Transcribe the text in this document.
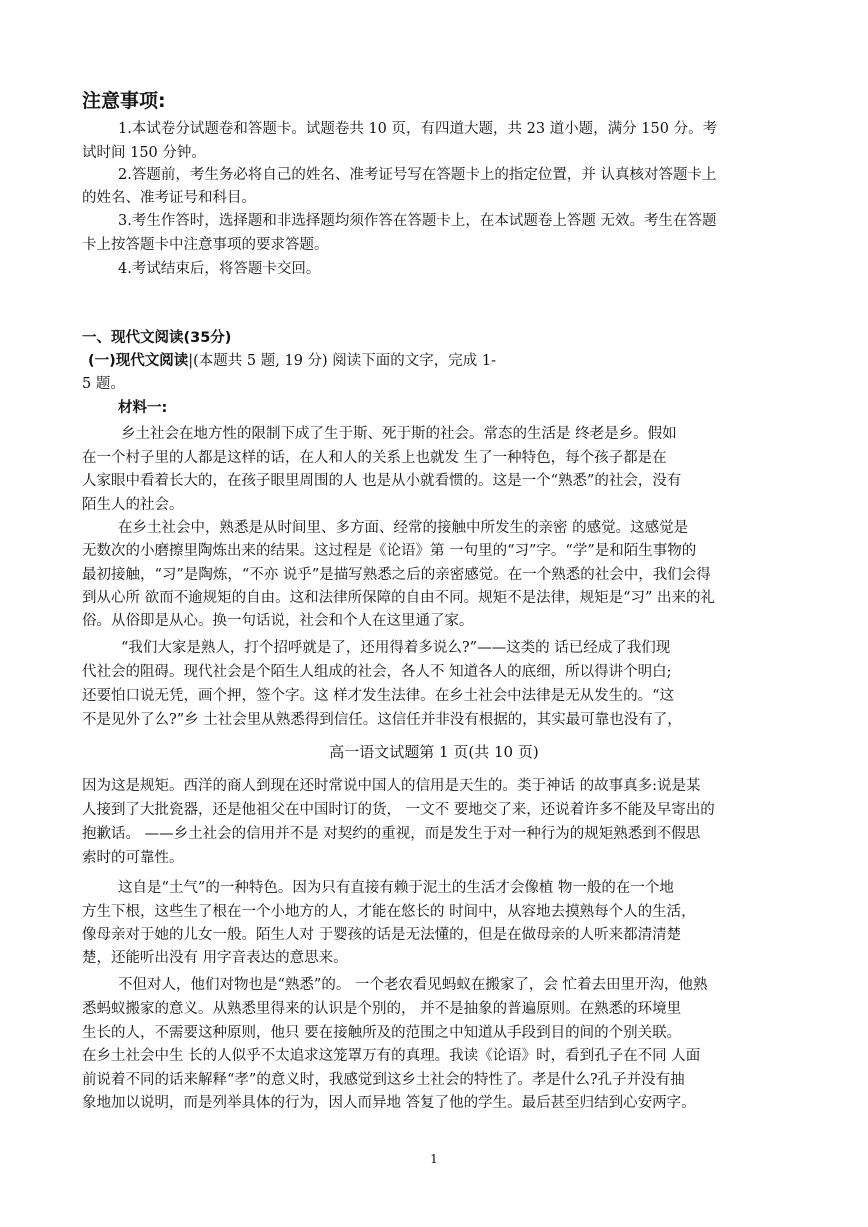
注意事项:
1.本试卷分试题卷和答题卡。试题卷共 10 页，有四道大题，共 23 道小题，满分 150 分。考
试时间 150 分钟。
2.答题前，考生务必将自己的姓名、准考证号写在答题卡上的指定位置，并 认真核对答题卡上
的姓名、准考证号和科目。
3.考生作答时，选择题和非选择题均须作答在答题卡上，在本试题卷上答题 无效。考生在答题
卡上按答题卡中注意事项的要求答题。
4.考试结束后，将答题卡交回。
一、现代文阅读(35分)
(一)现代文阅读|(本题共 5 题, 19 分) 阅读下面的文字，完成 1-
5 题。
材料一:
乡土社会在地方性的限制下成了生于斯、死于斯的社会。常态的生活是 终老是乡。假如
在一个村子里的人都是这样的话，在人和人的关系上也就发 生了一种特色，每个孩子都是在
人家眼中看着长大的，在孩子眼里周围的人 也是从小就看惯的。这是一个“熟悉”的社会，没有
陌生人的社会。
在乡土社会中，熟悉是从时间里、多方面、经常的接触中所发生的亲密 的感觉。这感觉是
无数次的小磨擦里陶炼出来的结果。这过程是《论语》第 一句里的“习”字。“学”是和陌生事物的
最初接触，“习”是陶炼，“不亦 说乎”是描写熟悉之后的亲密感觉。在一个熟悉的社会中，我们会得
到从心所 欲而不逾规矩的自由。这和法律所保障的自由不同。规矩不是法律，规矩是“习” 出来的礼
俗。从俗即是从心。换一句话说，社会和个人在这里通了家。
“我们大家是熟人，打个招呼就是了，还用得着多说么?”——这类的 话已经成了我们现
代社会的阻碍。现代社会是个陌生人组成的社会，各人不 知道各人的底细，所以得讲个明白;
还要怕口说无凭，画个押，签个字。这 样才发生法律。在乡土社会中法律是无从发生的。“这
不是见外了么?”乡 土社会里从熟悉得到信任。这信任并非没有根据的，其实最可靠也没有了，
高一语文试题第 1 页(共 10 页)
因为这是规矩。西洋的商人到现在还时常说中国人的信用是天生的。类于神话 的故事真多:说是某
人接到了大批瓷器，还是他祖父在中国时订的货， 一文不 要地交了来，还说着许多不能及早寄出的
抱歉话。 ——乡土社会的信用并不是 对契约的重视，而是发生于对一种行为的规矩熟悉到不假思
索时的可靠性。
这自是“土气”的一种特色。因为只有直接有赖于泥土的生活才会像植 物一般的在一个地
方生下根，这些生了根在一个小地方的人，才能在悠长的 时间中，从容地去摸熟每个人的生活，
像母亲对于她的儿女一般。陌生人对 于婴孩的话是无法懂的，但是在做母亲的人听来都清清楚
楚，还能听出没有 用字音表达的意思来。
不但对人，他们对物也是“熟悉”的。 一个老农看见蚂蚁在搬家了，会 忙着去田里开沟，他熟
悉蚂蚁搬家的意义。从熟悉里得来的认识是个别的， 并不是抽象的普遍原则。在熟悉的环境里
生长的人，不需要这种原则，他只 要在接触所及的范围之中知道从手段到目的间的个别关联。
在乡土社会中生 长的人似乎不太追求这笼罩万有的真理。我读《论语》时，看到孔子在不同 人面
前说着不同的话来解释“孝”的意义时，我感觉到这乡土社会的特性了。孝是什么?孔子并没有抽
象地加以说明，而是列举具体的行为，因人而异地 答复了他的学生。最后甚至归结到心安两字。
1
